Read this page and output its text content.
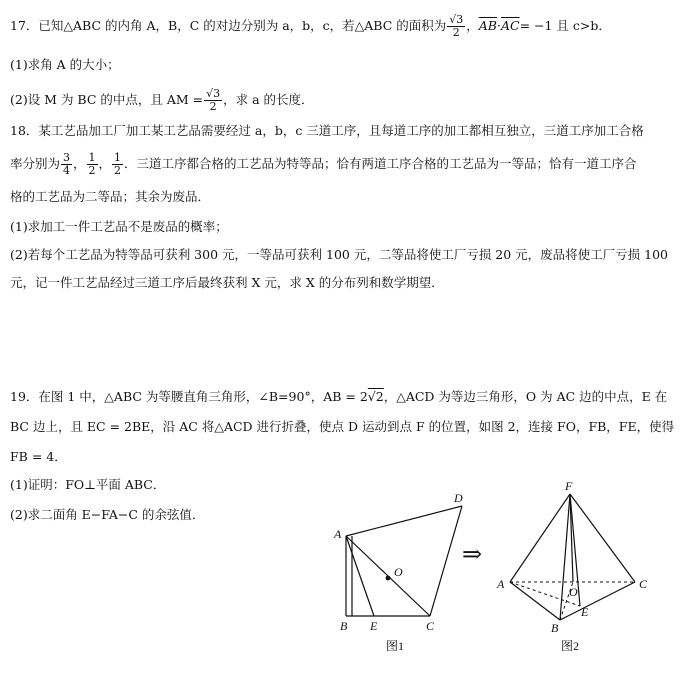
17．已知△ABC 的内角 A，B，C 的对边分别为 a，b，c，若△ABC 的面积为 $\frac{√3}{2}$ ，$\overline{AB}\cdot\overline{AC}= -1$ 且 c>b．
(1)求角 A 的大小；
(2)设 M 为 BC 的中点，且 AM = $\frac{√3}{2}$ ，求 a 的长度．
18．某工艺品加工厂加工某工艺品需要经过 a，b，c 三道工序，且每道工序的加工都相互独立，三道工序加工合格
率分别为 $\frac{3}{4}$ ， $\frac{1}{2}$ ， $\frac{1}{2}$ ．三道工序都合格的工艺品为特等品；恰有两道工序合格的工艺品为一等品；恰有一道工序合
格的工艺品为二等品；其余为废品．
(1)求加工一件工艺品不是废品的概率；
(2)若每个工艺品为特等品可获利 300 元，一等品可获利 100 元，二等品将使工厂亏损 20 元，废品将使工厂亏损 100
元，记一件工艺品经过三道工序后最终获利 X 元，求 X 的分布列和数学期望．
19．在图 1 中，△ABC 为等腰直角三角形，∠B=90°，AB = 2√2，△ACD 为等边三角形，O 为 AC 边的中点，E 在
BC 边上，且 EC = 2BE，沿 AC 将△ACD 进行折叠，使点 D 运动到点 F 的位置，如图 2，连接 FO，FB，FE，使得
FB = 4．
(1)证明：FO⊥平面 ABC．
(2)求二面角 E−FA−C 的余弦值．
A
D
O
B E	C
图1
⇒
F
A	C
O
E
B
图2
